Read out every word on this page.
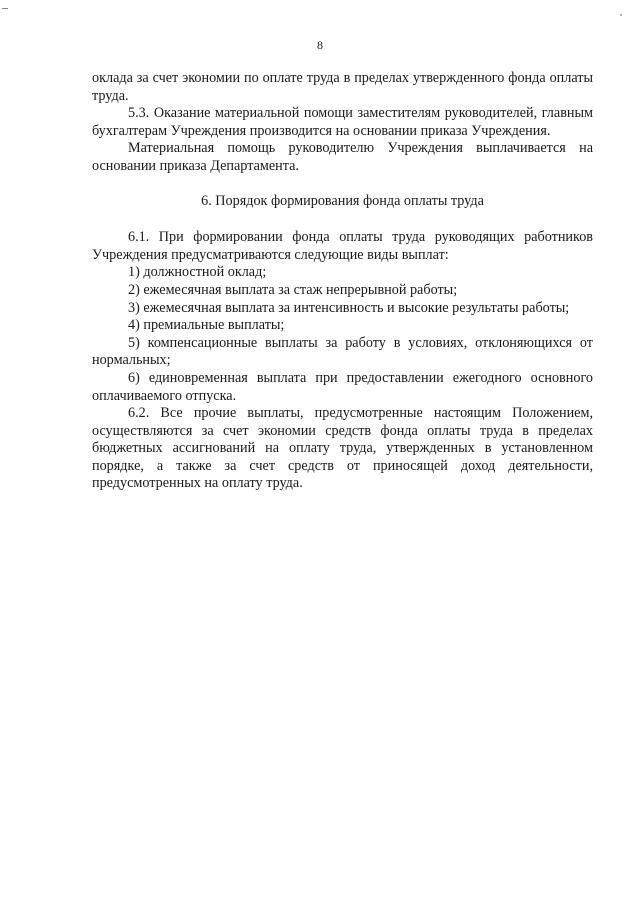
8

оклада за счет экономии по оплате труда в пределах утвержденного фонда оплаты труда.

5.3. Оказание материальной помощи заместителям руководителей, главным бухгалтерам Учреждения производится на основании приказа Учреждения.

Материальная помощь руководителю Учреждения выплачивается на основании приказа Департамента.

6. Порядок формирования фонда оплаты труда

6.1. При формировании фонда оплаты труда руководящих работников Учреждения предусматриваются следующие виды выплат:

1) должностной оклад;

2) ежемесячная выплата за стаж непрерывной работы;

3) ежемесячная выплата за интенсивность и высокие результаты работы;

4) премиальные выплаты;

5) компенсационные выплаты за работу в условиях, отклоняющихся от нормальных;

6) единовременная выплата при предоставлении ежегодного основного оплачиваемого отпуска.

6.2. Все прочие выплаты, предусмотренные настоящим Положением, осуществляются за счет экономии средств фонда оплаты труда в пределах бюджетных ассигнований на оплату труда, утвержденных в установленном порядке, а также за счет средств от приносящей доход деятельности, предусмотренных на оплату труда.
